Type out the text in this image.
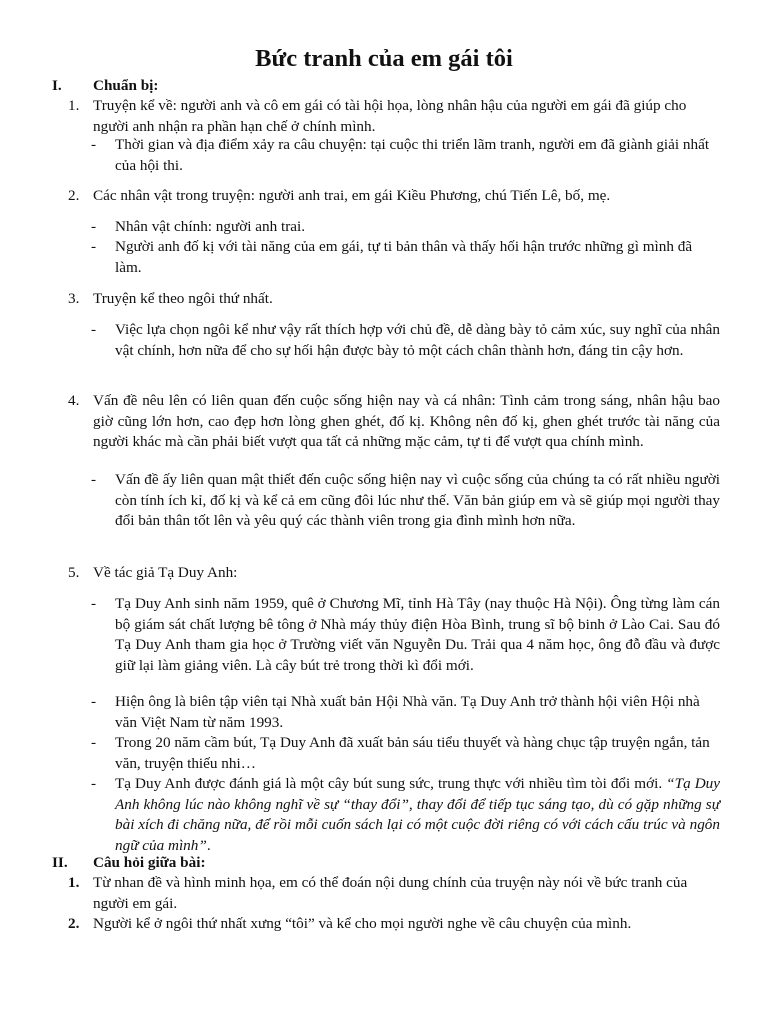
Bức tranh của em gái tôi
I. Chuẩn bị:
1. Truyện kể về: người anh và cô em gái có tài hội họa, lòng nhân hậu của người em gái đã giúp cho người anh nhận ra phần hạn chế ở chính mình.
- Thời gian và địa điểm xảy ra câu chuyện: tại cuộc thi triển lãm tranh, người em đã giành giải nhất của hội thi.
2. Các nhân vật trong truyện: người anh trai, em gái Kiều Phương, chú Tiến Lê, bố, mẹ.
- Nhân vật chính: người anh trai.
- Người anh đố kị với tài năng của em gái, tự ti bản thân và thấy hối hận trước những gì mình đã làm.
3. Truyện kể theo ngôi thứ nhất.
- Việc lựa chọn ngôi kể như vậy rất thích hợp với chủ đề, dễ dàng bày tỏ cảm xúc, suy nghĩ của nhân vật chính, hơn nữa để cho sự hối hận được bày tỏ một cách chân thành hơn, đáng tin cậy hơn.
4. Vấn đề nêu lên có liên quan đến cuộc sống hiện nay và cá nhân: Tình cảm trong sáng, nhân hậu bao giờ cũng lớn hơn, cao đẹp hơn lòng ghen ghét, đố kị. Không nên đố kị, ghen ghét trước tài năng của người khác mà cần phải biết vượt qua tất cả những mặc cảm, tự ti để vượt qua chính mình.
- Vấn đề ấy liên quan mật thiết đến cuộc sống hiện nay vì cuộc sống của chúng ta có rất nhiều người còn tính ích kỉ, đố kị và kể cả em cũng đôi lúc như thế. Văn bản giúp em và sẽ giúp mọi người thay đổi bản thân tốt lên và yêu quý các thành viên trong gia đình mình hơn nữa.
5. Về tác giả Tạ Duy Anh:
- Tạ Duy Anh sinh năm 1959, quê ở Chương Mĩ, tỉnh Hà Tây (nay thuộc Hà Nội). Ông từng làm cán bộ giám sát chất lượng bê tông ở Nhà máy thủy điện Hòa Bình, trung sĩ bộ binh ở Lào Cai. Sau đó Tạ Duy Anh tham gia học ở Trường viết văn Nguyễn Du. Trải qua 4 năm học, ông đỗ đầu và được giữ lại làm giảng viên. Là cây bút trẻ trong thời kì đổi mới.
- Hiện ông là biên tập viên tại Nhà xuất bản Hội Nhà văn. Tạ Duy Anh trở thành hội viên Hội nhà văn Việt Nam từ năm 1993.
- Trong 20 năm cầm bút, Tạ Duy Anh đã xuất bản sáu tiểu thuyết và hàng chục tập truyện ngắn, tản văn, truyện thiếu nhi…
- Tạ Duy Anh được đánh giá là một cây bút sung sức, trung thực với nhiều tìm tòi đổi mới. “Tạ Duy Anh không lúc nào không nghĩ về sự “thay đổi”, thay đổi để tiếp tục sáng tạo, dù có gặp những sự bài xích đi chăng nữa, để rồi mỗi cuốn sách lại có một cuộc đời riêng có với cách cấu trúc và ngôn ngữ của mình”.
II. Câu hỏi giữa bài:
1. Từ nhan đề và hình minh họa, em có thể đoán nội dung chính của truyện này nói về bức tranh của người em gái.
2. Người kể ở ngôi thứ nhất xưng “tôi” và kể cho mọi người nghe về câu chuyện của mình.
